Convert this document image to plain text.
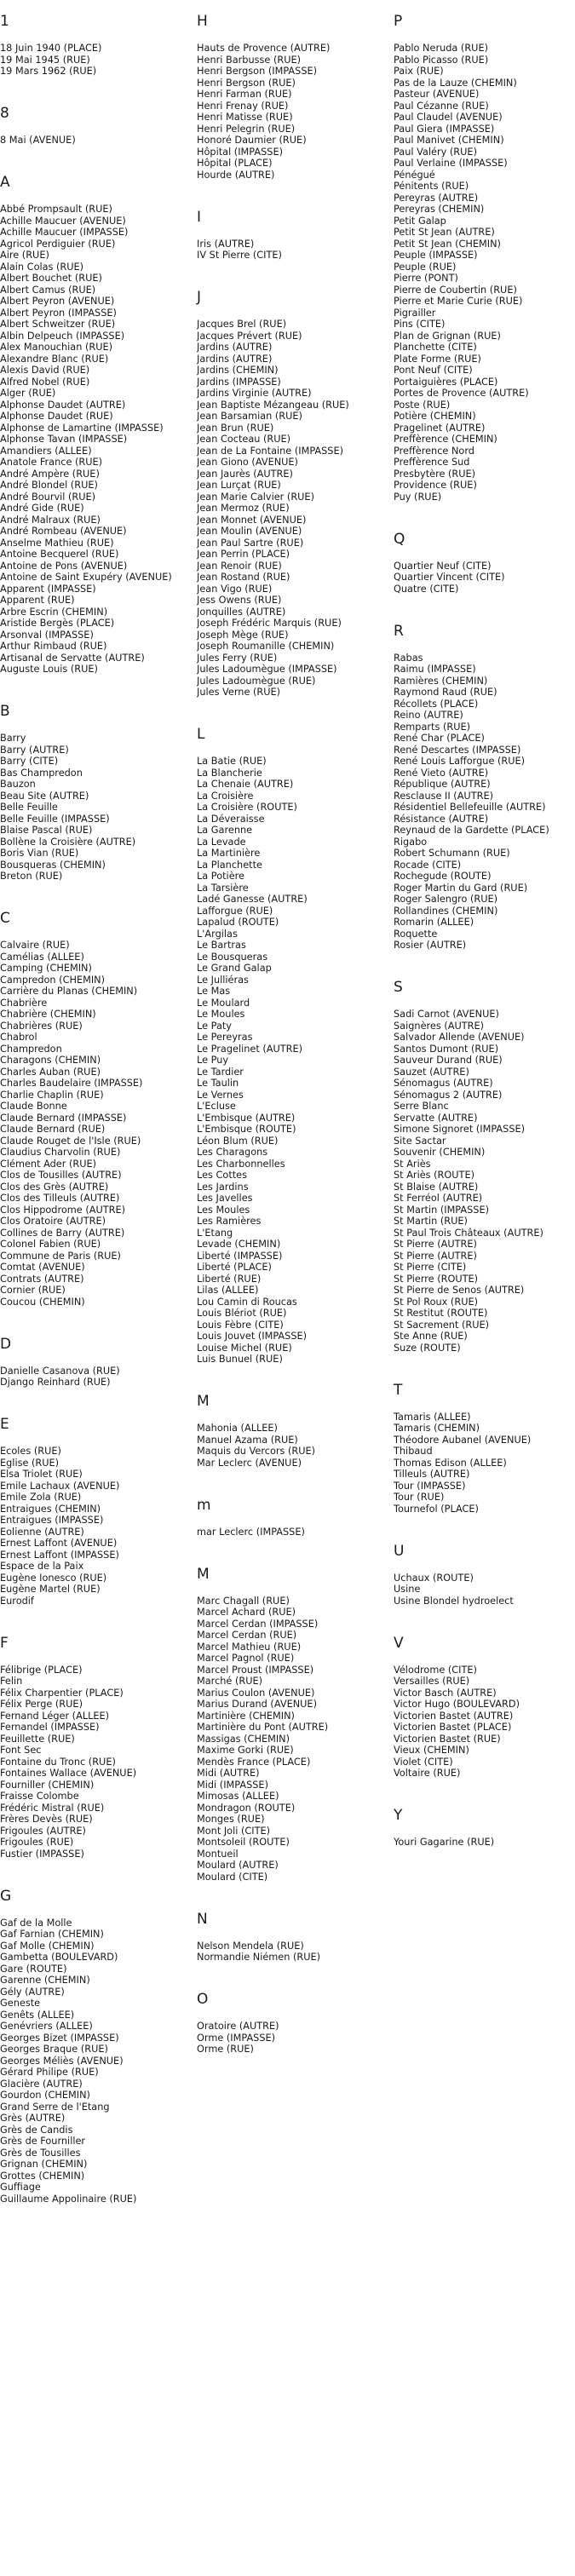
1
18 Juin 1940 (PLACE)
19 Mai 1945 (RUE)
19 Mars 1962 (RUE)
8
8 Mai (AVENUE)
A
Abbé Prompsault (RUE)
Achille Maucuer (AVENUE)
Achille Maucuer (IMPASSE)
Agricol Perdiguier (RUE)
Aire (RUE)
Alain Colas (RUE)
Albert Bouchet (RUE)
Albert Camus (RUE)
Albert Peyron (AVENUE)
Albert Peyron (IMPASSE)
Albert Schweitzer (RUE)
Albin Delpeuch (IMPASSE)
Alex Manouchian (RUE)
Alexandre Blanc (RUE)
Alexis David (RUE)
Alfred Nobel (RUE)
Alger (RUE)
Alphonse Daudet (AUTRE)
Alphonse Daudet (RUE)
Alphonse de Lamartine (IMPASSE)
Alphonse Tavan (IMPASSE)
Amandiers (ALLEE)
Anatole France (RUE)
André Ampère (RUE)
André Blondel (RUE)
André Bourvil (RUE)
André Gide (RUE)
André Malraux (RUE)
André Rombeau (AVENUE)
Anselme Mathieu (RUE)
Antoine Becquerel (RUE)
Antoine de Pons (AVENUE)
Antoine de Saint Exupéry (AVENUE)
Apparent (IMPASSE)
Apparent (RUE)
Arbre Escrin (CHEMIN)
Aristide Bergès (PLACE)
Arsonval (IMPASSE)
Arthur Rimbaud (RUE)
Artisanal de Servatte (AUTRE)
Auguste Louis (RUE)
B
Barry
Barry (AUTRE)
Barry (CITE)
Bas Champredon
Bauzon
Beau Site (AUTRE)
Belle Feuille
Belle Feuille (IMPASSE)
Blaise Pascal (RUE)
Bollène la Croisière (AUTRE)
Boris Vian (RUE)
Bousqueras (CHEMIN)
Breton (RUE)
C
Calvaire (RUE)
Camélias (ALLEE)
Camping (CHEMIN)
Campredon (CHEMIN)
Carrière du Planas (CHEMIN)
Chabrière
Chabrière (CHEMIN)
Chabrières (RUE)
Chabrol
Champredon
Charagons (CHEMIN)
Charles Auban (RUE)
Charles Baudelaire (IMPASSE)
Charlie Chaplin (RUE)
Claude Bonne
Claude Bernard (IMPASSE)
Claude Bernard (RUE)
Claude Rouget de l'Isle (RUE)
Claudius Charvolin (RUE)
Clément Ader (RUE)
Clos de Tousilles (AUTRE)
Clos des Grès (AUTRE)
Clos des Tilleuls (AUTRE)
Clos Hippodrome (AUTRE)
Clos Oratoire (AUTRE)
Collines de Barry (AUTRE)
Colonel Fabien (RUE)
Commune de Paris (RUE)
Comtat (AVENUE)
Contrats (AUTRE)
Cornier (RUE)
Coucou (CHEMIN)
D
Danielle Casanova (RUE)
Django Reinhard (RUE)
E
Ecoles (RUE)
Eglise (RUE)
Elsa Triolet (RUE)
Emile Lachaux (AVENUE)
Emile Zola (RUE)
Entraigues (CHEMIN)
Entraigues (IMPASSE)
Eolienne (AUTRE)
Ernest Laffont (AVENUE)
Ernest Laffont (IMPASSE)
Espace de la Paix
Eugène Ionesco (RUE)
Eugène Martel (RUE)
Eurodif
F
Félibrige (PLACE)
Felin
Félix Charpentier (PLACE)
Félix Perge (RUE)
Fernand Léger (ALLEE)
Fernandel (IMPASSE)
Feuillette (RUE)
Font Sec
Fontaine du Tronc (RUE)
Fontaines Wallace (AVENUE)
Fourniller (CHEMIN)
Fraisse Colombe
Frédéric Mistral (RUE)
Frères Devès (RUE)
Frigoules (AUTRE)
Frigoules (RUE)
Fustier (IMPASSE)
G
Gaf de la Molle
Gaf Farnian (CHEMIN)
Gaf Molle (CHEMIN)
Gambetta (BOULEVARD)
Gare (ROUTE)
Garenne (CHEMIN)
Gély (AUTRE)
Geneste
Genêts (ALLEE)
Genévriers (ALLEE)
Georges Bizet (IMPASSE)
Georges Braque (RUE)
Georges Méliès (AVENUE)
Gérard Philipe (RUE)
Glacière (AUTRE)
Gourdon (CHEMIN)
Grand Serre de l'Etang
Grès (AUTRE)
Grès de Candis
Grès de Fourniller
Grès de Tousilles
Grignan (CHEMIN)
Grottes (CHEMIN)
Guffiage
Guillaume Appolinaire (RUE)
H
Hauts de Provence (AUTRE)
Henri Barbusse (RUE)
Henri Bergson (IMPASSE)
Henri Bergson (RUE)
Henri Farman (RUE)
Henri Frenay (RUE)
Henri Matisse (RUE)
Henri Pelegrin (RUE)
Honoré Daumier (RUE)
Hôpital (IMPASSE)
Hôpital (PLACE)
Hourde (AUTRE)
I
Iris (AUTRE)
IV St Pierre (CITE)
J
Jacques Brel (RUE)
Jacques Prévert (RUE)
Jardins (AUTRE)
Jardins (AUTRE)
Jardins (CHEMIN)
Jardins (IMPASSE)
Jardins Virginie (AUTRE)
Jean Baptiste Mézangeau (RUE)
Jean Barsamian (RUE)
Jean Brun (RUE)
Jean Cocteau (RUE)
Jean de La Fontaine (IMPASSE)
Jean Giono (AVENUE)
Jean Jaurès (AUTRE)
Jean Lurçat (RUE)
Jean Marie Calvier (RUE)
Jean Mermoz (RUE)
Jean Monnet (AVENUE)
Jean Moulin (AVENUE)
Jean Paul Sartre (RUE)
Jean Perrin (PLACE)
Jean Renoir (RUE)
Jean Rostand (RUE)
Jean Vigo (RUE)
Jess Owens (RUE)
Jonquilles (AUTRE)
Joseph Frédéric Marquis (RUE)
Joseph Mège (RUE)
Joseph Roumanille (CHEMIN)
Jules Ferry (RUE)
Jules Ladoumègue (IMPASSE)
Jules Ladoumègue (RUE)
Jules Verne (RUE)
L
La Batie (RUE)
La Blancherie
La Chenaie (AUTRE)
La Croisière
La Croisière (ROUTE)
La Déveraisse
La Garenne
La Levade
La Martinière
La Planchette
La Potière
La Tarsière
Ladé Ganesse (AUTRE)
Lafforgue (RUE)
Lapalud (ROUTE)
L'Argilas
Le Bartras
Le Bousqueras
Le Grand Galap
Le Julliéras
Le Mas
Le Moulard
Le Moules
Le Paty
Le Pereyras
Le Pragelinet (AUTRE)
Le Puy
Le Tardier
Le Taulin
Le Vernes
L'Ecluse
L'Embisque (AUTRE)
L'Embisque (ROUTE)
Léon Blum (RUE)
Les Charagons
Les Charbonnelles
Les Cottes
Les Jardins
Les Javelles
Les Moules
Les Ramières
L'Etang
Levade (CHEMIN)
Liberté (IMPASSE)
Liberté (PLACE)
Liberté (RUE)
Lilas (ALLEE)
Lou Camin di Roucas
Louis Blériot (RUE)
Louis Fèbre (CITE)
Louis Jouvet (IMPASSE)
Louise Michel (RUE)
Luis Bunuel (RUE)
M
Mahonia (ALLEE)
Manuel Azama (RUE)
Maquis du Vercors (RUE)
Mar Leclerc (AVENUE)
m
mar Leclerc (IMPASSE)
M
Marc Chagall (RUE)
Marcel Achard (RUE)
Marcel Cerdan (IMPASSE)
Marcel Cerdan (RUE)
Marcel Mathieu (RUE)
Marcel Pagnol (RUE)
Marcel Proust (IMPASSE)
Marché (RUE)
Marius Coulon (AVENUE)
Marius Durand (AVENUE)
Martinière (CHEMIN)
Martinière du Pont (AUTRE)
Massigas (CHEMIN)
Maxime Gorki (RUE)
Mendès France (PLACE)
Midi (AUTRE)
Midi (IMPASSE)
Mimosas (ALLEE)
Mondragon (ROUTE)
Monges (RUE)
Mont Joli (CITE)
Montsoleil (ROUTE)
Montueil
Moulard (AUTRE)
Moulard (CITE)
N
Nelson Mendela (RUE)
Normandie Niémen (RUE)
O
Oratoire (AUTRE)
Orme (IMPASSE)
Orme (RUE)
P
Pablo Neruda (RUE)
Pablo Picasso (RUE)
Paix (RUE)
Pas de la Lauze (CHEMIN)
Pasteur (AVENUE)
Paul Cézanne (RUE)
Paul Claudel (AVENUE)
Paul Giera (IMPASSE)
Paul Manivet (CHEMIN)
Paul Valéry (RUE)
Paul Verlaine (IMPASSE)
Pénégué
Pénitents (RUE)
Pereyras (AUTRE)
Pereyras (CHEMIN)
Petit Galap
Petit St Jean (AUTRE)
Petit St Jean (CHEMIN)
Peuple (IMPASSE)
Peuple (RUE)
Pierre (PONT)
Pierre de Coubertin (RUE)
Pierre et Marie Curie (RUE)
Pigrailler
Pins (CITE)
Plan de Grignan (RUE)
Planchette (CITE)
Plate Forme (RUE)
Pont Neuf (CITE)
Portaiguières (PLACE)
Portes de Provence (AUTRE)
Poste (RUE)
Potière (CHEMIN)
Pragelinet (AUTRE)
Preffèrence (CHEMIN)
Preffèrence Nord
Preffèrence Sud
Presbytère (RUE)
Providence (RUE)
Puy (RUE)
Q
Quartier Neuf (CITE)
Quartier Vincent (CITE)
Quatre (CITE)
R
Rabas
Raimu (IMPASSE)
Ramières (CHEMIN)
Raymond Raud (RUE)
Récollets (PLACE)
Reino (AUTRE)
Remparts (RUE)
René Char (PLACE)
René Descartes (IMPASSE)
René Louis Lafforgue (RUE)
René Vieto (AUTRE)
République (AUTRE)
Resclause II (AUTRE)
Résidentiel Bellefeuille (AUTRE)
Résistance (AUTRE)
Reynaud de la Gardette (PLACE)
Rigabo
Robert Schumann (RUE)
Rocade (CITE)
Rochegude (ROUTE)
Roger Martin du Gard (RUE)
Roger Salengro (RUE)
Rollandines (CHEMIN)
Romarin (ALLEE)
Roquette
Rosier (AUTRE)
S
Sadi Carnot (AVENUE)
Saignères (AUTRE)
Salvador Allende (AVENUE)
Santos Dumont (RUE)
Sauveur Durand (RUE)
Sauzet (AUTRE)
Sénomagus (AUTRE)
Sénomagus 2 (AUTRE)
Serre Blanc
Servatte (AUTRE)
Simone Signoret (IMPASSE)
Site Sactar
Souvenir (CHEMIN)
St Ariès
St Ariès (ROUTE)
St Blaise (AUTRE)
St Ferréol (AUTRE)
St Martin (IMPASSE)
St Martin (RUE)
St Paul Trois Châteaux (AUTRE)
St Pierre (AUTRE)
St Pierre (AUTRE)
St Pierre (CITE)
St Pierre (ROUTE)
St Pierre de Senos (AUTRE)
St Pol Roux (RUE)
St Restitut (ROUTE)
St Sacrement (RUE)
Ste Anne (RUE)
Suze (ROUTE)
T
Tamaris (ALLEE)
Tamaris (CHEMIN)
Théodore Aubanel (AVENUE)
Thibaud
Thomas Edison (ALLEE)
Tilleuls (AUTRE)
Tour (IMPASSE)
Tour (RUE)
Tournefol (PLACE)
U
Uchaux (ROUTE)
Usine
Usine Blondel hydroelect
V
Vélodrome (CITE)
Versailles (RUE)
Victor Basch (AUTRE)
Victor Hugo (BOULEVARD)
Victorien Bastet (AUTRE)
Victorien Bastet (PLACE)
Victorien Bastet (RUE)
Vieux (CHEMIN)
Violet (CITE)
Voltaire (RUE)
Y
Youri Gagarine (RUE)
